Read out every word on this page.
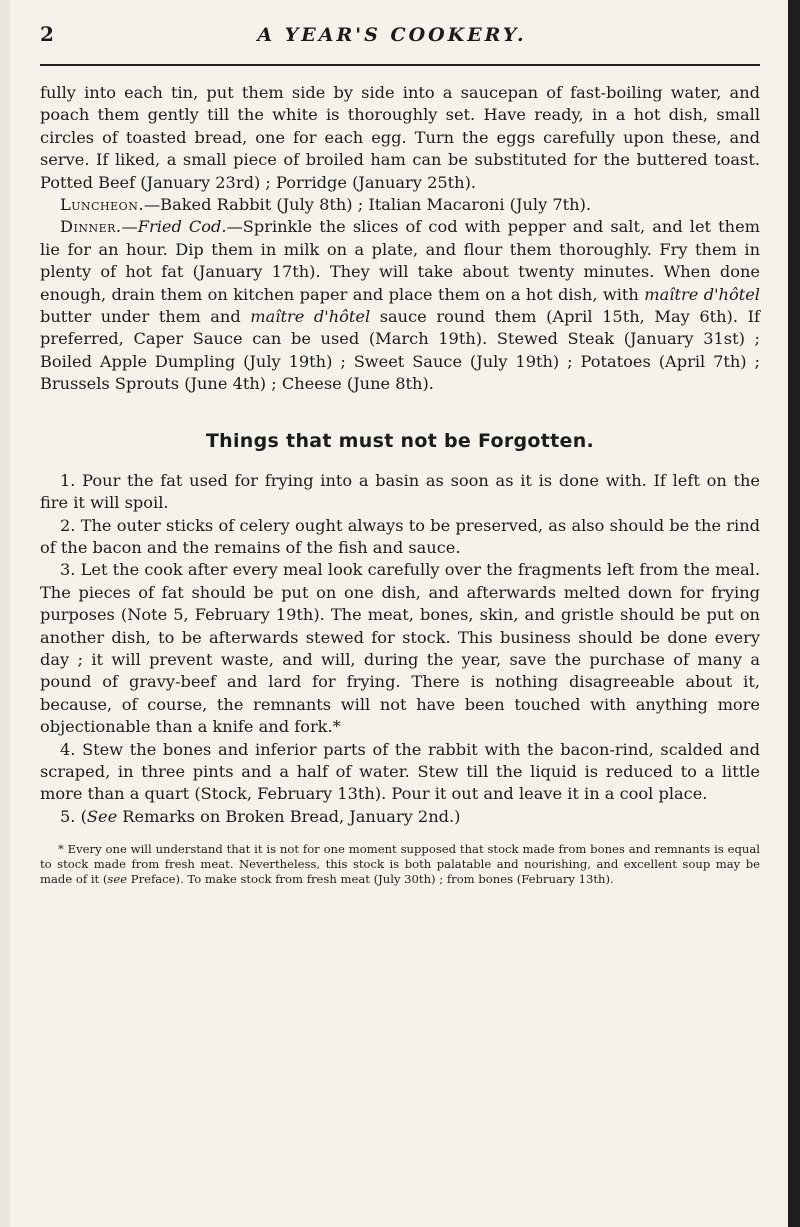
2	A YEAR'S COOKERY.

fully into each tin, put them side by side into a saucepan of fast-boiling water, and poach them gently till the white is thoroughly set. Have ready, in a hot dish, small circles of toasted bread, one for each egg. Turn the eggs carefully upon these, and serve. If liked, a small piece of broiled ham can be substituted for the buttered toast. Potted Beef (January 23rd) ; Porridge (January 25th).

Luncheon.—Baked Rabbit (July 8th) ; Italian Macaroni (July 7th).

Dinner.—Fried Cod.—Sprinkle the slices of cod with pepper and salt, and let them lie for an hour. Dip them in milk on a plate, and flour them thoroughly. Fry them in plenty of hot fat (January 17th). They will take about twenty minutes. When done enough, drain them on kitchen paper and place them on a hot dish, with maître d'hôtel butter under them and maître d'hôtel sauce round them (April 15th, May 6th). If preferred, Caper Sauce can be used (March 19th). Stewed Steak (January 31st) ; Boiled Apple Dumpling (July 19th) ; Sweet Sauce (July 19th) ; Potatoes (April 7th) ; Brussels Sprouts (June 4th) ; Cheese (June 8th).

Things that must not be Forgotten.

1. Pour the fat used for frying into a basin as soon as it is done with. If left on the fire it will spoil.

2. The outer sticks of celery ought always to be preserved, as also should be the rind of the bacon and the remains of the fish and sauce.

3. Let the cook after every meal look carefully over the fragments left from the meal. The pieces of fat should be put on one dish, and afterwards melted down for frying purposes (Note 5, February 19th). The meat, bones, skin, and gristle should be put on another dish, to be afterwards stewed for stock. This business should be done every day ; it will prevent waste, and will, during the year, save the purchase of many a pound of gravy-beef and lard for frying. There is nothing disagreeable about it, because, of course, the remnants will not have been touched with anything more objectionable than a knife and fork.*

4. Stew the bones and inferior parts of the rabbit with the bacon-rind, scalded and scraped, in three pints and a half of water. Stew till the liquid is reduced to a little more than a quart (Stock, February 13th). Pour it out and leave it in a cool place.

5. (See Remarks on Broken Bread, January 2nd.)

* Every one will understand that it is not for one moment supposed that stock made from bones and remnants is equal to stock made from fresh meat. Nevertheless, this stock is both palatable and nourishing, and excellent soup may be made of it (see Preface). To make stock from fresh meat (July 30th) ; from bones (February 13th).
